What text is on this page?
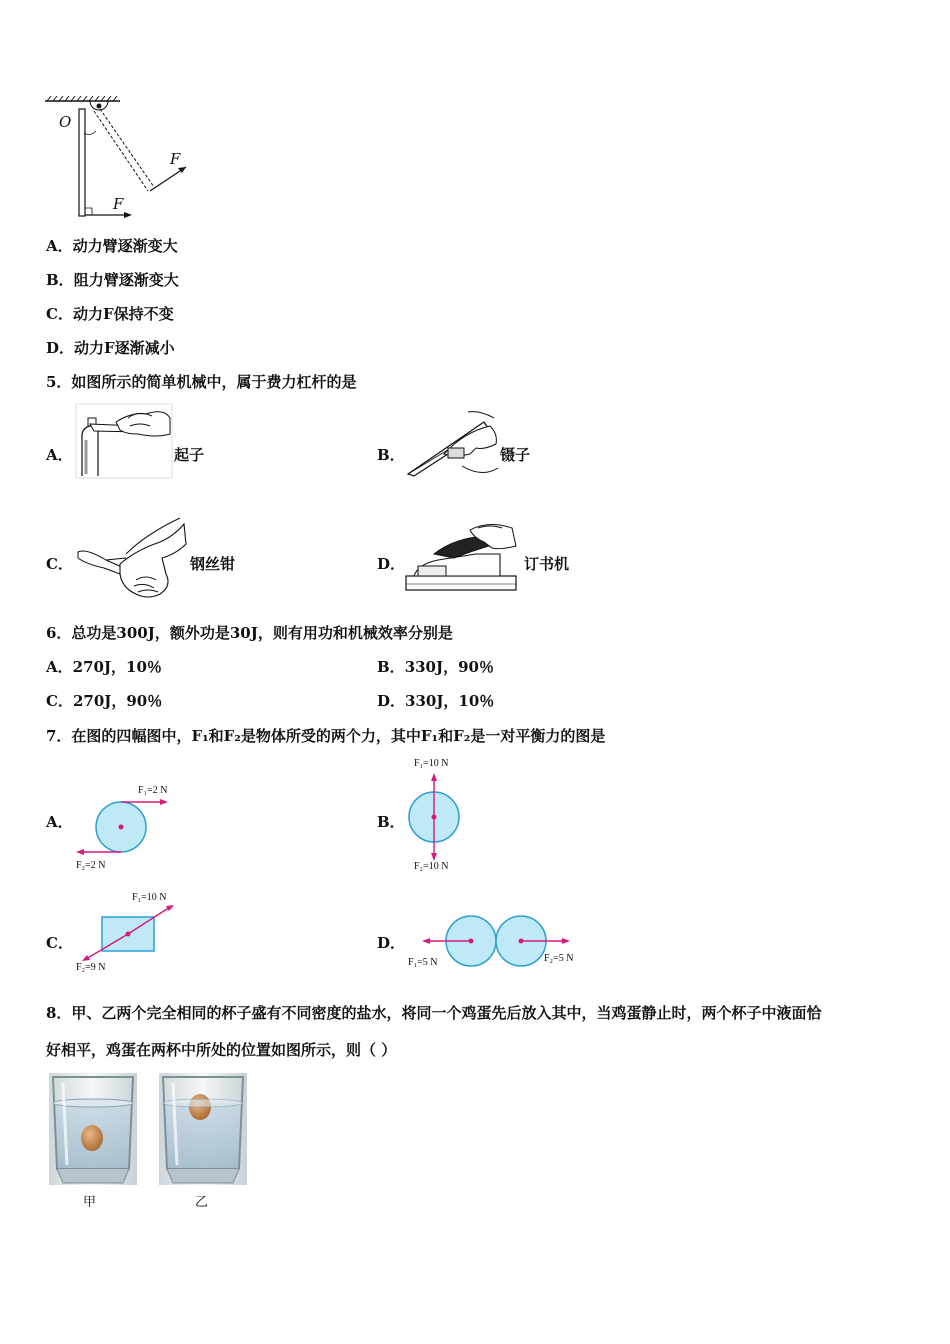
O
F
F
A．动力臂逐渐变大
B．阻力臂逐渐变大
C．动力F保持不变
D．动力F逐渐减小
5．如图所示的简单机械中，属于费力杠杆的是
A．	起子	B．	镊子
C．	钢丝钳	D．	订书机
6．总功是300J，额外功是30J，则有用功和机械效率分别是
A．270J，10％	B．330J，90％
C．270J，90％	D．330J，10％
7．在图的四幅图中，F₁和F₂是物体所受的两个力，其中F₁和F₂是一对平衡力的图是
A．
F₁=2 N
F₂=2 N
B．
F₁=10 N
F₂=10 N
C．
F₁=10 N
F₂=9 N
D．
F₁=5 N	F₂=5 N
8．甲、乙两个完全相同的杯子盛有不同密度的盐水，将同一个鸡蛋先后放入其中，当鸡蛋静止时，两个杯子中液面恰
好相平，鸡蛋在两杯中所处的位置如图所示，则（ ）
甲	乙
